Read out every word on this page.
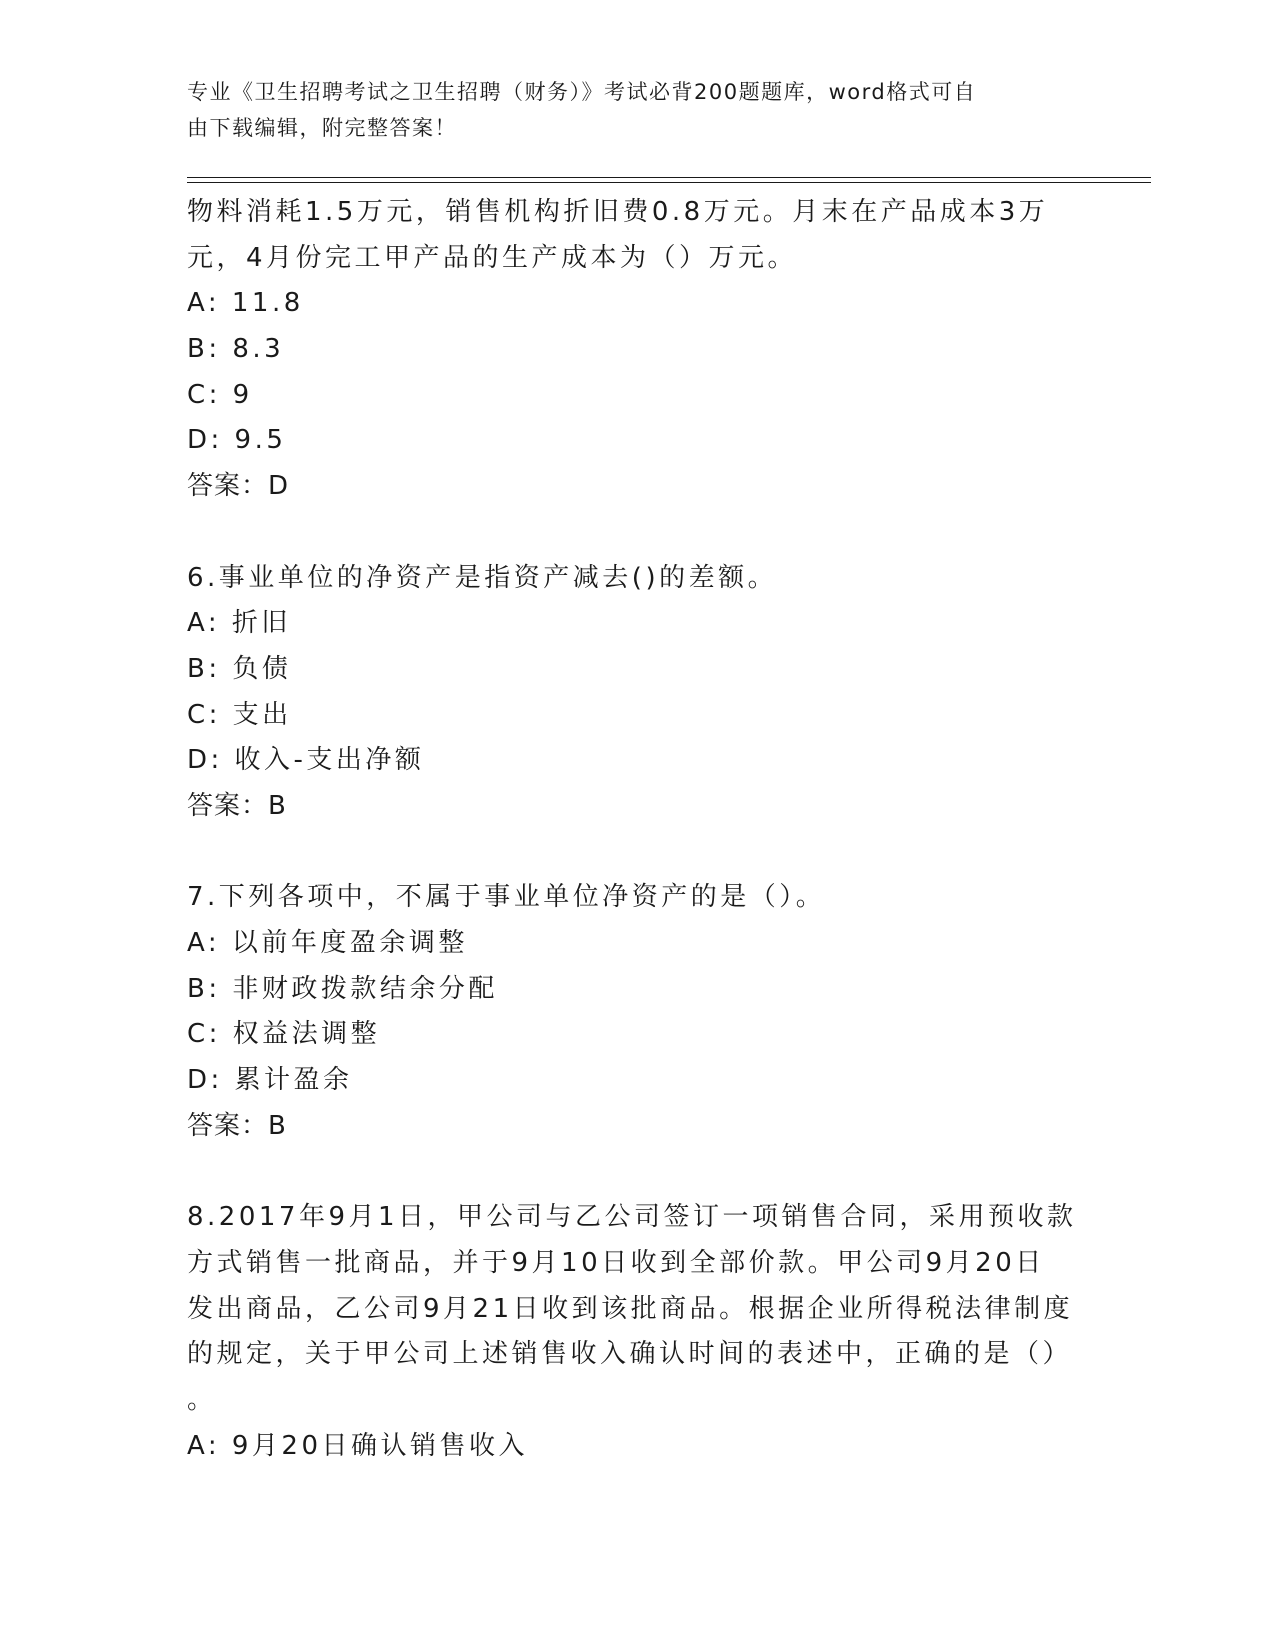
专业《卫生招聘考试之卫生招聘（财务）》考试必背200题题库，word格式可自
由下载编辑，附完整答案！
物料消耗1.5万元，销售机构折旧费0.8万元。月末在产品成本3万
元，4月份完工甲产品的生产成本为（）万元。
A: 11.8
B: 8.3
C: 9
D: 9.5
答案：D
6.事业单位的净资产是指资产减去()的差额。
A: 折旧
B: 负债
C: 支出
D: 收入-支出净额
答案：B
7.下列各项中，不属于事业单位净资产的是（）。
A: 以前年度盈余调整
B: 非财政拨款结余分配
C: 权益法调整
D: 累计盈余
答案：B
8.2017年9月1日，甲公司与乙公司签订一项销售合同，采用预收款
方式销售一批商品，并于9月10日收到全部价款。甲公司9月20日
发出商品，乙公司9月21日收到该批商品。根据企业所得税法律制度
的规定，关于甲公司上述销售收入确认时间的表述中，正确的是（）
。
A: 9月20日确认销售收入
